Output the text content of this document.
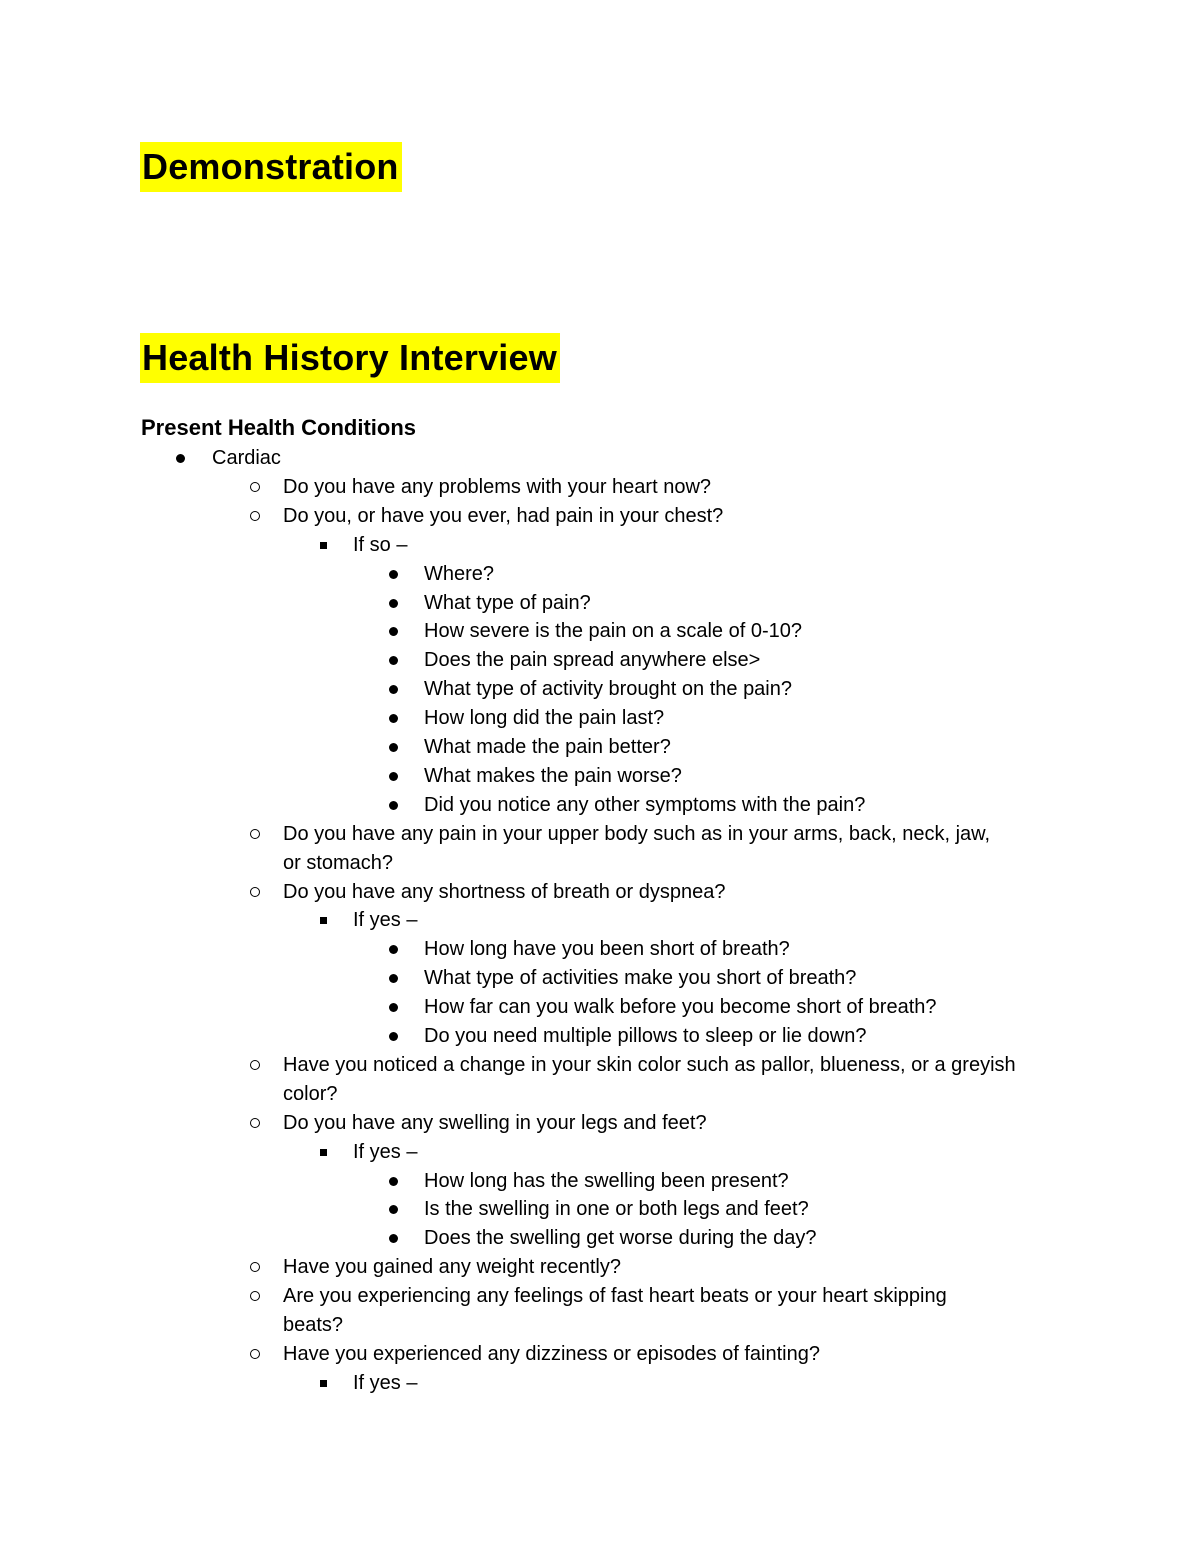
Demonstration
Health History Interview
Present Health Conditions
Cardiac
Do you have any problems with your heart now?
Do you, or have you ever, had pain in your chest?
If so –
Where?
What type of pain?
How severe is the pain on a scale of 0-10?
Does the pain spread anywhere else>
What type of activity brought on the pain?
How long did the pain last?
What made the pain better?
What makes the pain worse?
Did you notice any other symptoms with the pain?
Do you have any pain in your upper body such as in your arms, back, neck, jaw,
or stomach?
Do you have any shortness of breath or dyspnea?
If yes –
How long have you been short of breath?
What type of activities make you short of breath?
How far can you walk before you become short of breath?
Do you need multiple pillows to sleep or lie down?
Have you noticed a change in your skin color such as pallor, blueness, or a greyish
color?
Do you have any swelling in your legs and feet?
If yes –
How long has the swelling been present?
Is the swelling in one or both legs and feet?
Does the swelling get worse during the day?
Have you gained any weight recently?
Are you experiencing any feelings of fast heart beats or your heart skipping
beats?
Have you experienced any dizziness or episodes of fainting?
If yes –
